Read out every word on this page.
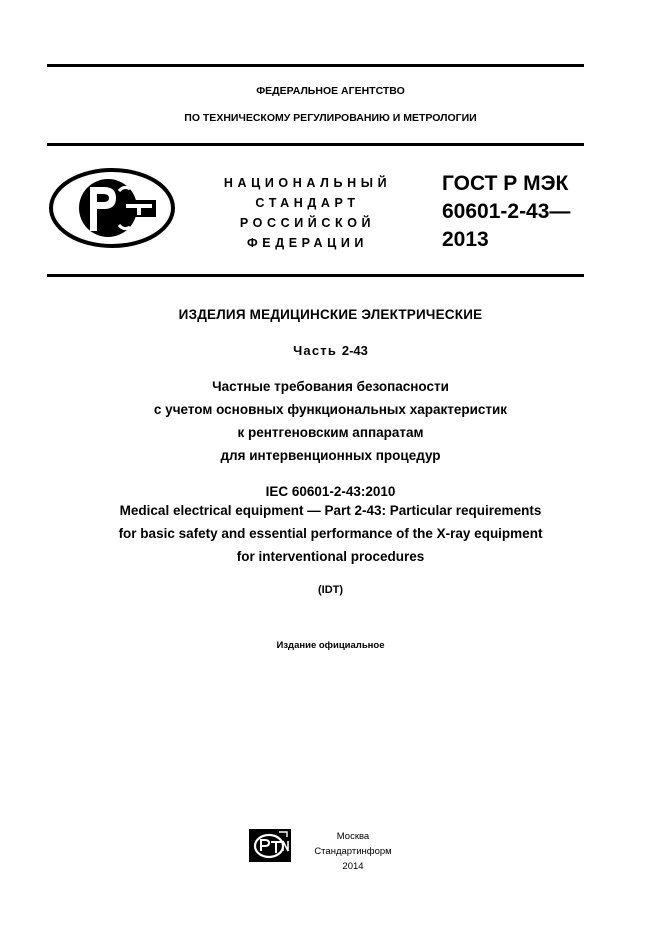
ФЕДЕРАЛЬНОЕ АГЕНТСТВО
ПО ТЕХНИЧЕСКОМУ РЕГУЛИРОВАНИЮ И МЕТРОЛОГИИ
НАЦИОНАЛЬНЫЙ
СТАНДАРТ
РОССИЙСКОЙ
ФЕДЕРАЦИИ
ГОСТ Р МЭК
60601-2-43—
2013
ИЗДЕЛИЯ МЕДИЦИНСКИЕ ЭЛЕКТРИЧЕСКИЕ
Часть 2-43
Частные требования безопасности
с учетом основных функциональных характеристик
к рентгеновским аппаратам
для интервенционных процедур
IEC 60601-2-43:2010
Medical electrical equipment — Part 2-43: Particular requirements
for basic safety and essential performance of the X-ray equipment
for interventional procedures
(IDT)
Издание официальное
Москва
Стандартинформ
2014
